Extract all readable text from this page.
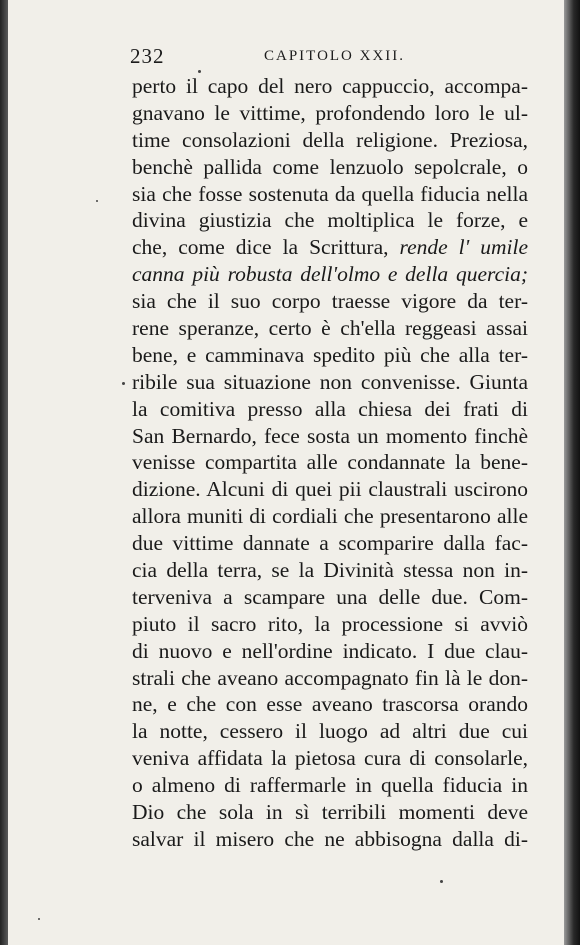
232	CAPITOLO XXII.
perto il capo del nero cappuccio, accompa-
gnavano le vittime, profondendo loro le ul-
time consolazioni della religione. Preziosa,
benchè pallida come lenzuolo sepolcrale, o
sia che fosse sostenuta da quella fiducia nella
divina giustizia che moltiplica le forze, e
che, come dice la Scrittura, rende l' umile
canna più robusta dell'olmo e della quercia;
sia che il suo corpo traesse vigore da ter-
rene speranze, certo è ch'ella reggeasi assai
bene, e camminava spedito più che alla ter-
ribile sua situazione non convenisse. Giunta
la comitiva presso alla chiesa dei frati di
San Bernardo, fece sosta un momento finchè
venisse compartita alle condannate la bene-
dizione. Alcuni di quei pii claustrali uscirono
allora muniti di cordiali che presentarono alle
due vittime dannate a scomparire dalla fac-
cia della terra, se la Divinità stessa non in-
terveniva a scampare una delle due. Com-
piuto il sacro rito, la processione si avviò
di nuovo e nell'ordine indicato. I due clau-
strali che aveano accompagnato fin là le don-
ne, e che con esse aveano trascorsa orando
la notte, cessero il luogo ad altri due cui
veniva affidata la pietosa cura di consolarle,
o almeno di raffermarle in quella fiducia in
Dio che sola in sì terribili momenti deve
salvar il misero che ne abbisogna dalla di-
